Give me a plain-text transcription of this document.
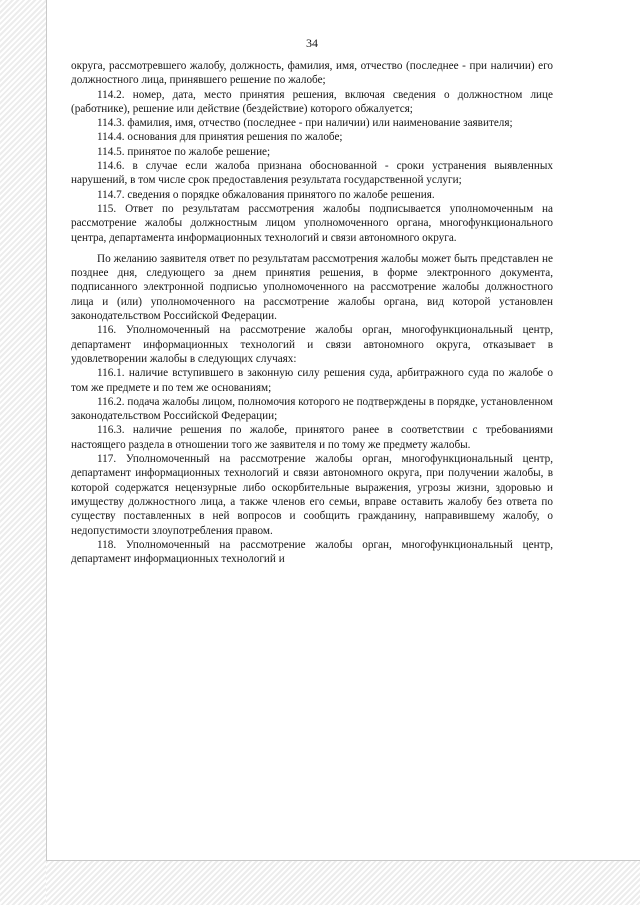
34

округа, рассмотревшего жалобу, должность, фамилия, имя, отчество (последнее - при наличии) его должностного лица, принявшего решение по жалобе;

114.2. номер, дата, место принятия решения, включая сведения о должностном лице (работнике), решение или действие (бездействие) которого обжалуется;

114.3. фамилия, имя, отчество (последнее - при наличии) или наименование заявителя;

114.4. основания для принятия решения по жалобе;

114.5. принятое по жалобе решение;

114.6. в случае если жалоба признана обоснованной - сроки устранения выявленных нарушений, в том числе срок предоставления результата государственной услуги;

114.7. сведения о порядке обжалования принятого по жалобе решения.

115. Ответ по результатам рассмотрения жалобы подписывается уполномоченным на рассмотрение жалобы должностным лицом уполномоченного органа, многофункционального центра, департамента информационных технологий и связи автономного округа.

По желанию заявителя ответ по результатам рассмотрения жалобы может быть представлен не позднее дня, следующего за днем принятия решения, в форме электронного документа, подписанного электронной подписью уполномоченного на рассмотрение жалобы должностного лица и (или) уполномоченного на рассмотрение жалобы органа, вид которой установлен законодательством Российской Федерации.

116. Уполномоченный на рассмотрение жалобы орган, многофункциональный центр, департамент информационных технологий и связи автономного округа, отказывает в удовлетворении жалобы в следующих случаях:

116.1. наличие вступившего в законную силу решения суда, арбитражного суда по жалобе о том же предмете и по тем же основаниям;

116.2. подача жалобы лицом, полномочия которого не подтверждены в порядке, установленном законодательством Российской Федерации;

116.3. наличие решения по жалобе, принятого ранее в соответствии с требованиями настоящего раздела в отношении того же заявителя и по тому же предмету жалобы.

117. Уполномоченный на рассмотрение жалобы орган, многофункциональный центр, департамент информационных технологий и связи автономного округа, при получении жалобы, в которой содержатся нецензурные либо оскорбительные выражения, угрозы жизни, здоровью и имуществу должностного лица, а также членов его семьи, вправе оставить жалобу без ответа по существу поставленных в ней вопросов и сообщить гражданину, направившему жалобу, о недопустимости злоупотребления правом.

118. Уполномоченный на рассмотрение жалобы орган, многофункциональный центр, департамент информационных технологий и
